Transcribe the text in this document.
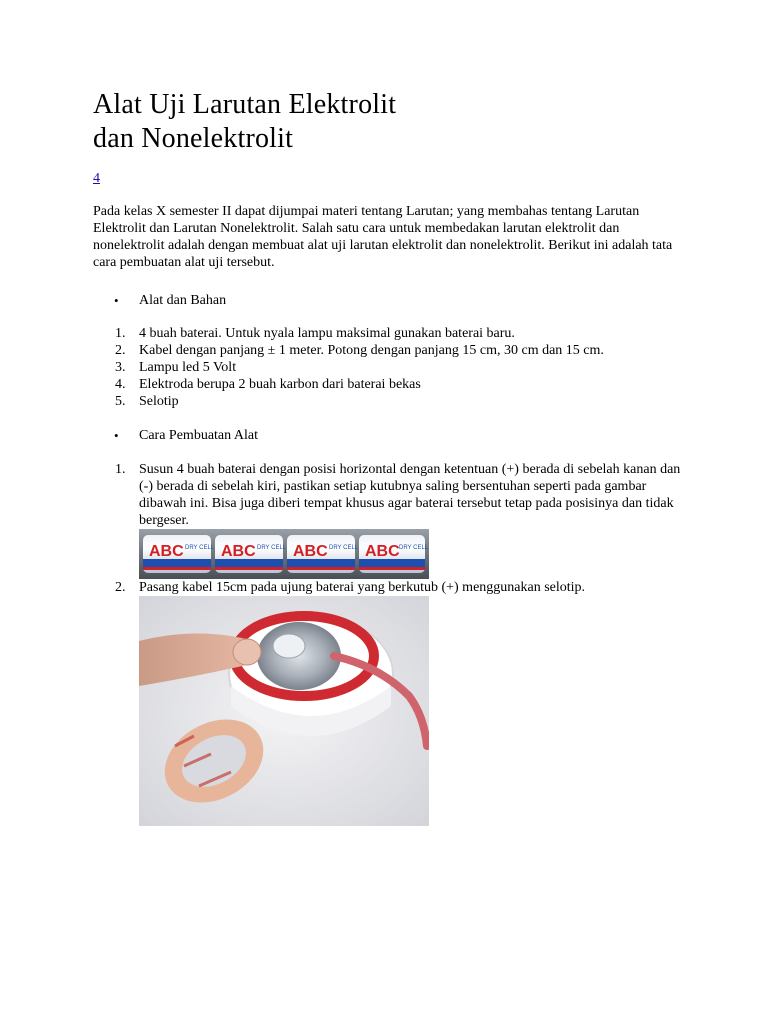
Alat Uji Larutan Elektrolit
dan Nonelektrolit
4

Pada kelas X semester II dapat dijumpai materi tentang Larutan; yang membahas tentang Larutan Elektrolit dan Larutan Nonelektrolit. Salah satu cara untuk membedakan larutan elektrolit dan nonelektrolit adalah dengan membuat alat uji larutan elektrolit dan nonelektrolit. Berikut ini adalah tata cara pembuatan alat uji tersebut.

• Alat dan Bahan
1. 4 buah baterai. Untuk nyala lampu maksimal gunakan baterai baru.
2. Kabel dengan panjang ± 1 meter. Potong dengan panjang 15 cm, 30 cm dan 15 cm.
3. Lampu led 5 Volt
4. Elektroda berupa 2 buah karbon dari baterai bekas
5. Selotip
• Cara Pembuatan Alat
1. Susun 4 buah baterai dengan posisi horizontal dengan ketentuan (+) berada di sebelah kanan dan (-) berada di sebelah kiri, pastikan setiap kutubnya saling bersentuhan seperti pada gambar dibawah ini. Bisa juga diberi tempat khusus agar baterai tersebut tetap pada posisinya dan tidak bergeser.
ABC DRY CELL ABC DRY CELL ABC DRY CELL ABC DRY CELL
2. Pasang kabel 15cm pada ujung baterai yang berkutub (+) menggunakan selotip.
